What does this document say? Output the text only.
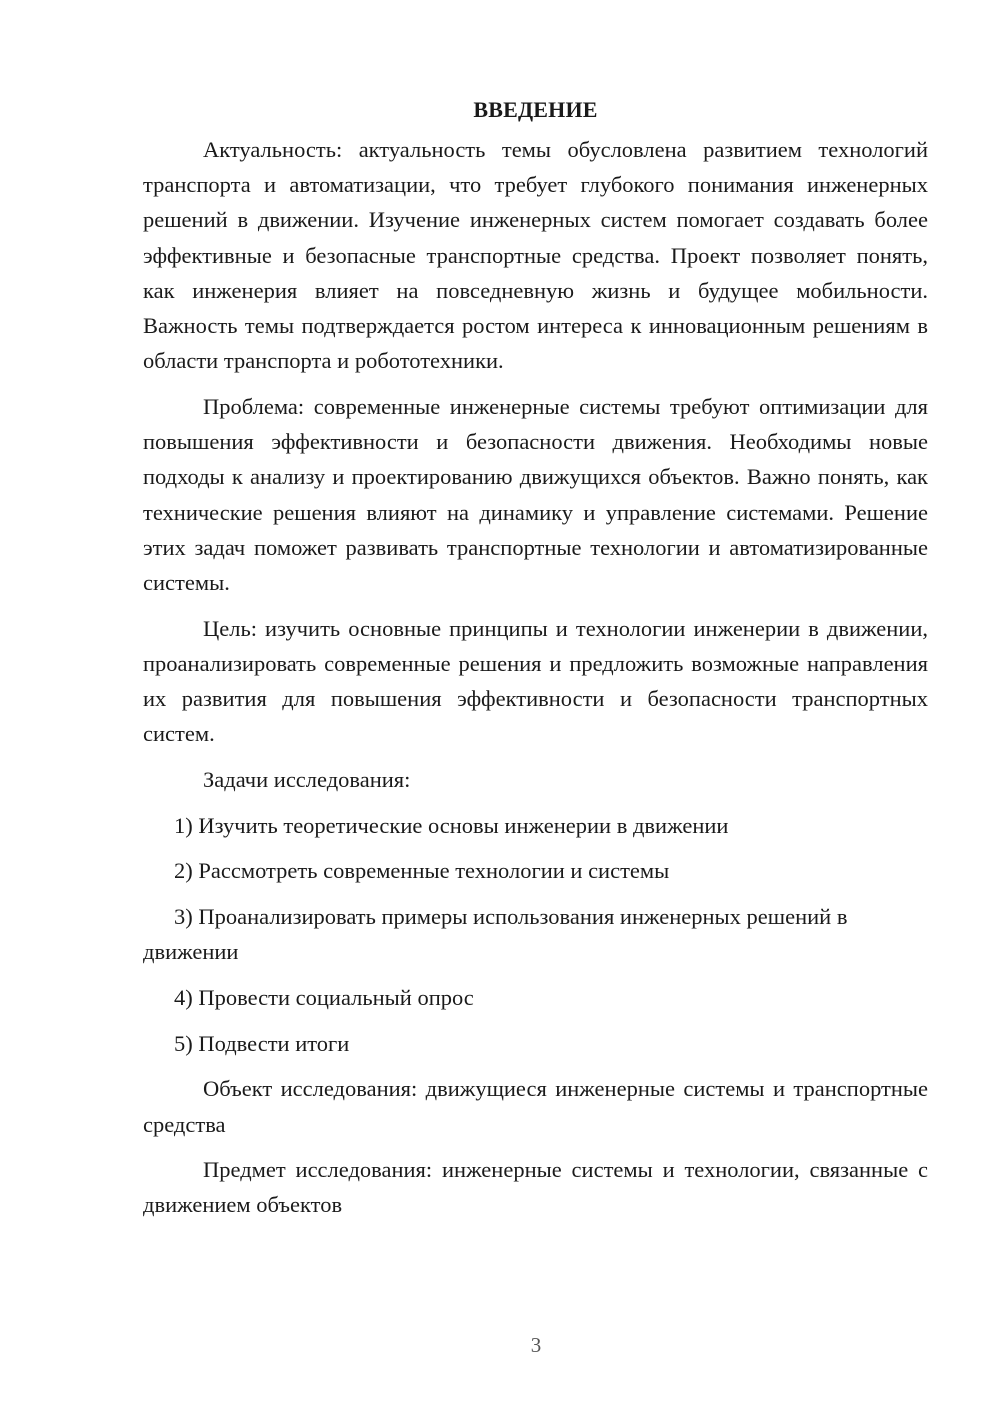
ВВЕДЕНИЕ

Актуальность: актуальность темы обусловлена развитием технологий транспорта и автоматизации, что требует глубокого понимания инженерных решений в движении. Изучение инженерных систем помогает создавать более эффективные и безопасные транспортные средства. Проект позволяет понять, как инженерия влияет на повседневную жизнь и будущее мобильности. Важность темы подтверждается ростом интереса к инновационным решениям в области транспорта и робототехники.

Проблема: современные инженерные системы требуют оптимизации для повышения эффективности и безопасности движения. Необходимы новые подходы к анализу и проектированию движущихся объектов. Важно понять, как технические решения влияют на динамику и управление системами. Решение этих задач поможет развивать транспортные технологии и автоматизированные системы.

Цель: изучить основные принципы и технологии инженерии в движении, проанализировать современные решения и предложить возможные направления их развития для повышения эффективности и безопасности транспортных систем.

Задачи исследования:

1) Изучить теоретические основы инженерии в движении

2) Рассмотреть современные технологии и системы

3) Проанализировать примеры использования инженерных решений в движении

4) Провести социальный опрос

5) Подвести итоги

Объект исследования: движущиеся инженерные системы и транспортные средства

Предмет исследования: инженерные системы и технологии, связанные с движением объектов

3
